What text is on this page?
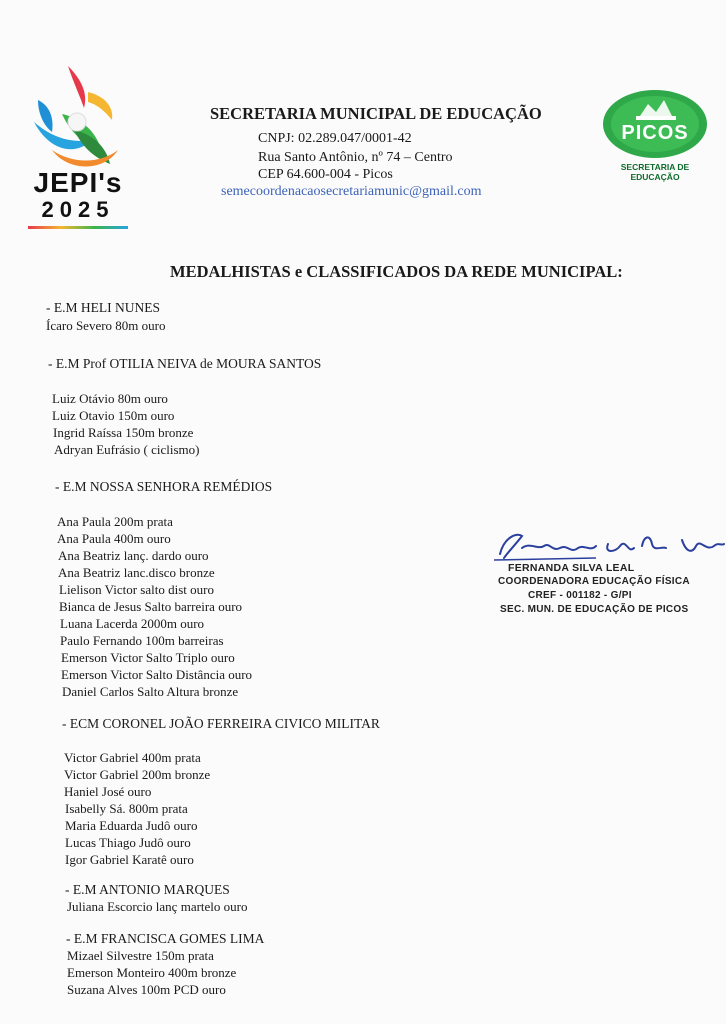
JEPI's
2025
SECRETARIA MUNICIPAL DE EDUCAÇÃO
CNPJ: 02.289.047/0001-42
Rua Santo Antônio, nº 74 – Centro
CEP 64.600-004 - Picos
semecoordenacaosecretariamunic@gmail.com
PICOS
SECRETARIA DE
EDUCAÇÃO
MEDALHISTAS e CLASSIFICADOS DA REDE MUNICIPAL:
- E.M HELI NUNES
Ícaro Severo 80m ouro
- E.M Prof OTILIA NEIVA de MOURA SANTOS
Luiz Otávio 80m ouro
Luiz Otavio 150m ouro
Ingrid Raíssa 150m bronze
Adryan Eufrásio ( ciclismo)
- E.M NOSSA SENHORA REMÉDIOS
Ana Paula 200m prata
Ana Paula 400m ouro
Ana Beatriz lanç. dardo ouro
Ana Beatriz lanc.disco bronze
Lielison Victor salto dist ouro
Bianca de Jesus Salto barreira ouro
Luana Lacerda 2000m ouro
Paulo Fernando 100m barreiras
Emerson Victor Salto Triplo ouro
Emerson Victor Salto Distância ouro
Daniel Carlos Salto Altura bronze
- ECM CORONEL JOÃO FERREIRA CIVICO MILITAR
Victor Gabriel 400m prata
Victor Gabriel 200m bronze
Haniel José ouro
Isabelly Sá. 800m prata
Maria Eduarda Judô ouro
Lucas Thiago Judô ouro
Igor Gabriel Karatê ouro
- E.M ANTONIO MARQUES
Juliana Escorcio lanç martelo ouro
- E.M FRANCISCA GOMES LIMA
Mizael Silvestre 150m prata
Emerson Monteiro 400m bronze
Suzana Alves 100m PCD ouro
FERNANDA SILVA LEAL
COORDENADORA EDUCAÇÃO FÍSICA
CREF - 001182 - G/PI
SEC. MUN. DE EDUCAÇÃO DE PICOS
